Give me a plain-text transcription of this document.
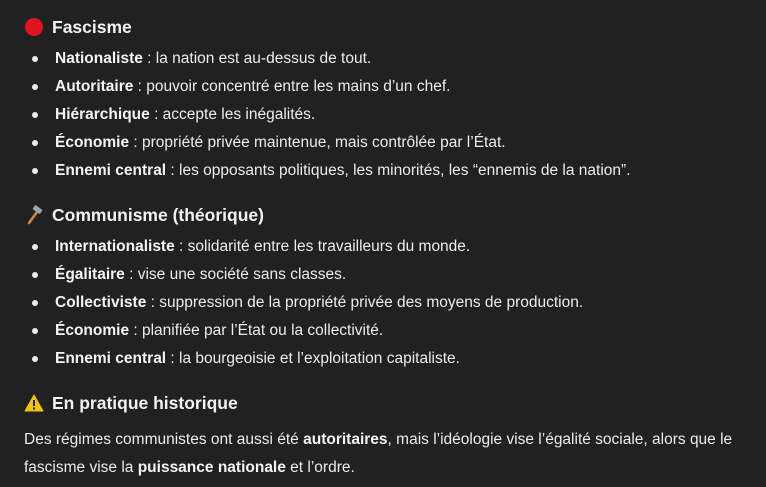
Fascisme
Nationaliste : la nation est au-dessus de tout.
Autoritaire : pouvoir concentré entre les mains d’un chef.
Hiérarchique : accepte les inégalités.
Économie : propriété privée maintenue, mais contrôlée par l’État.
Ennemi central : les opposants politiques, les minorités, les “ennemis de la nation”.
Communisme (théorique)
Internationaliste : solidarité entre les travailleurs du monde.
Égalitaire : vise une société sans classes.
Collectiviste : suppression de la propriété privée des moyens de production.
Économie : planifiée par l’État ou la collectivité.
Ennemi central : la bourgeoisie et l’exploitation capitaliste.
En pratique historique
Des régimes communistes ont aussi été autoritaires, mais l’idéologie vise l’égalité sociale, alors que le fascisme vise la puissance nationale et l’ordre.
